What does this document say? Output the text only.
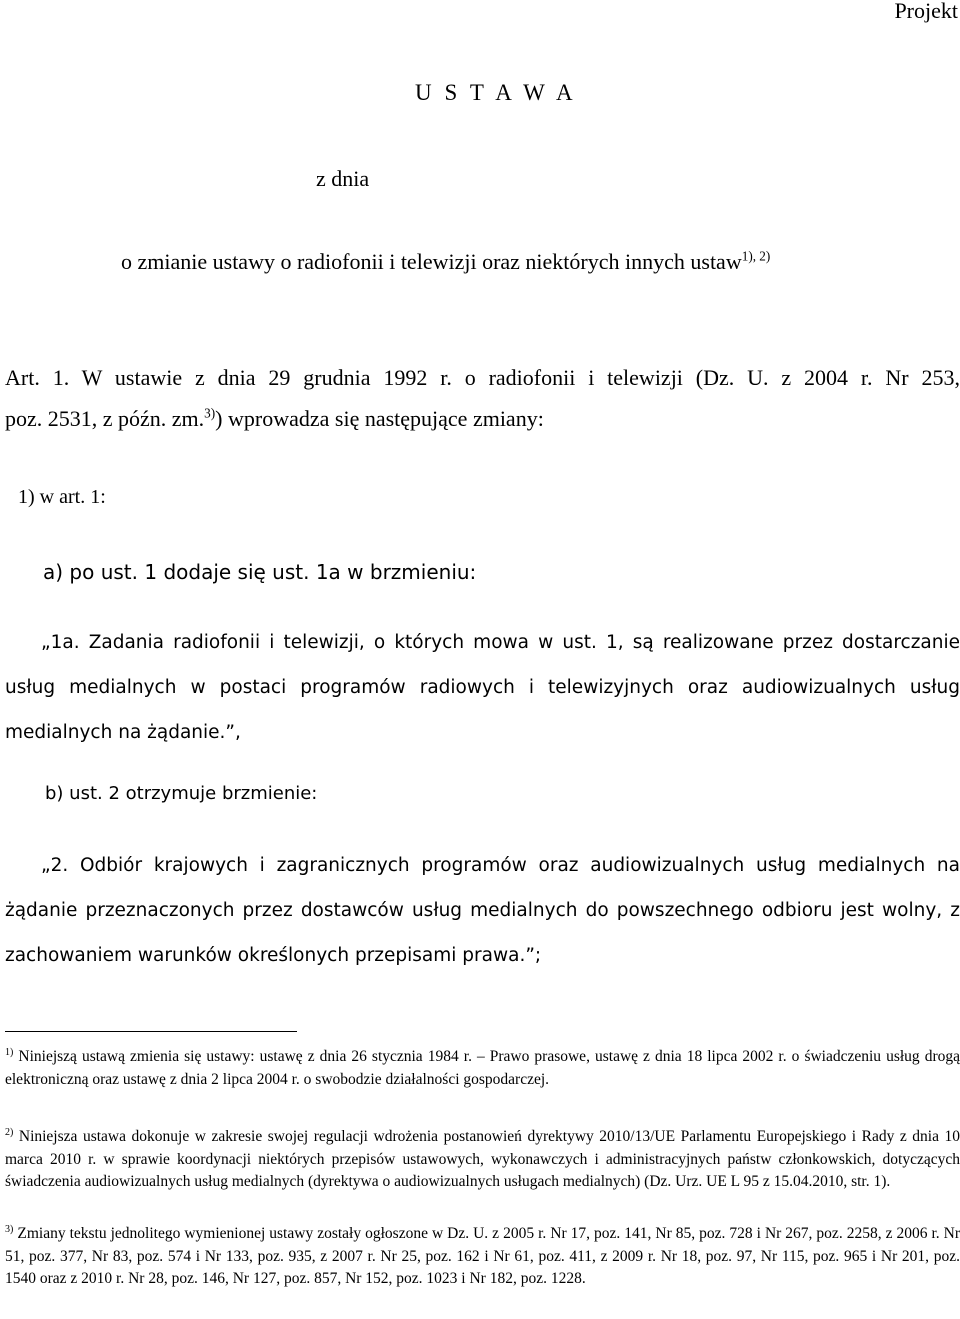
Projekt
U S T A W A
z dnia
o zmianie ustawy o radiofonii i telewizji oraz niektórych innych ustaw$^{1), 2)}$
Art. 1. W ustawie z dnia 29 grudnia 1992 r. o radiofonii i telewizji (Dz. U. z 2004 r. Nr 253,
poz. 2531, z późn. zm.$^{3)}$) wprowadza się następujące zmiany:
1) w art. 1:
a) po ust. 1 dodaje się ust. 1a w brzmieniu:

„1a. Zadania radiofonii i telewizji, o których mowa w ust. 1, są realizowane przez dostarczanie usług medialnych w postaci programów radiowych i telewizyjnych oraz audiowizualnych usług medialnych na żądanie.”,

b) ust. 2 otrzymuje brzmienie:

„2. Odbiór krajowych i zagranicznych programów oraz audiowizualnych usług medialnych na żądanie przeznaczonych przez dostawców usług medialnych do powszechnego odbioru jest wolny, z zachowaniem warunków określonych przepisami prawa.”;

$^{1)}$ Niniejszą ustawą zmienia się ustawy: ustawę z dnia 26 stycznia 1984 r. – Prawo prasowe, ustawę z dnia 18 lipca 2002 r. o świadczeniu usług drogą elektroniczną oraz ustawę z dnia 2 lipca 2004 r. o swobodzie działalności gospodarczej.

$^{2)}$ Niniejsza ustawa dokonuje w zakresie swojej regulacji wdrożenia postanowień dyrektywy 2010/13/UE Parlamentu Europejskiego i Rady z dnia 10 marca 2010 r. w sprawie koordynacji niektórych przepisów ustawowych, wykonawczych i administracyjnych państw członkowskich, dotyczących świadczenia audiowizualnych usług medialnych (dyrektywa o audiowizualnych usługach medialnych) (Dz. Urz. UE L 95 z 15.04.2010, str. 1).

$^{3)}$ Zmiany tekstu jednolitego wymienionej ustawy zostały ogłoszone w Dz. U. z 2005 r. Nr 17, poz. 141, Nr 85, poz. 728 i Nr 267, poz. 2258, z 2006 r. Nr 51, poz. 377, Nr 83, poz. 574 i Nr 133, poz. 935, z 2007 r. Nr 25, poz. 162 i Nr 61, poz. 411, z 2009 r. Nr 18, poz. 97, Nr 115, poz. 965 i Nr 201, poz. 1540 oraz z 2010 r. Nr 28, poz. 146, Nr 127, poz. 857, Nr 152, poz. 1023 i Nr 182, poz. 1228.
